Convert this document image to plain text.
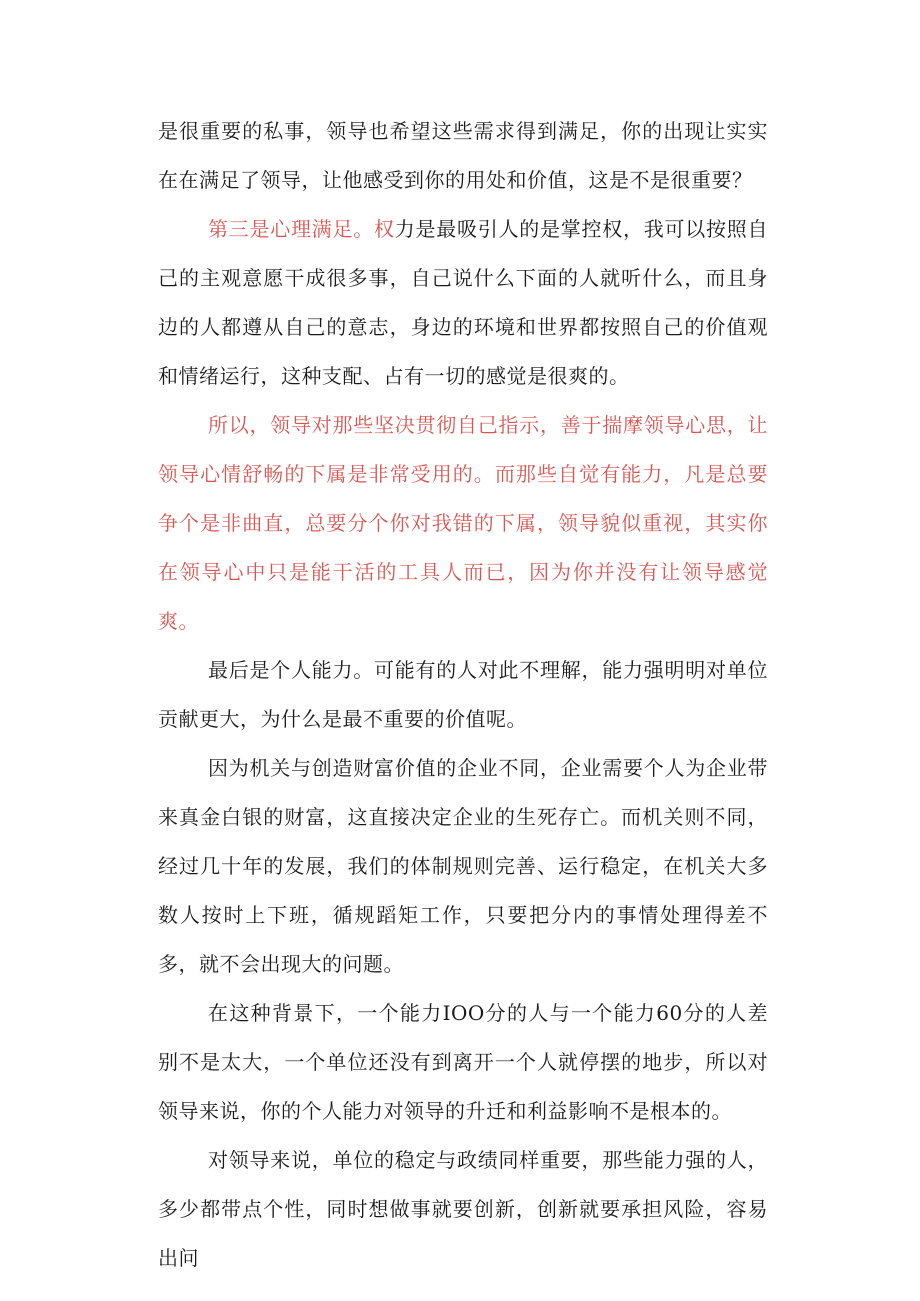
是很重要的私事，领导也希望这些需求得到满足，你的出现让实实在在满足了领导，让他感受到你的用处和价值，这是不是很重要？

第三是心理满足。权力是最吸引人的是掌控权，我可以按照自己的主观意愿干成很多事，自己说什么下面的人就听什么，而且身边的人都遵从自己的意志，身边的环境和世界都按照自己的价值观和情绪运行，这种支配、占有一切的感觉是很爽的。

所以，领导对那些坚决贯彻自己指示，善于揣摩领导心思，让领导心情舒畅的下属是非常受用的。而那些自觉有能力，凡是总要争个是非曲直，总要分个你对我错的下属，领导貌似重视，其实你在领导心中只是能干活的工具人而已，因为你并没有让领导感觉爽。

最后是个人能力。可能有的人对此不理解，能力强明明对单位贡献更大，为什么是最不重要的价值呢。

因为机关与创造财富价值的企业不同，企业需要个人为企业带来真金白银的财富，这直接决定企业的生死存亡。而机关则不同，经过几十年的发展，我们的体制规则完善、运行稳定，在机关大多数人按时上下班，循规蹈矩工作，只要把分内的事情处理得差不多，就不会出现大的问题。

在这种背景下，一个能力IOO分的人与一个能力60分的人差别不是太大，一个单位还没有到离开一个人就停摆的地步，所以对领导来说，你的个人能力对领导的升迁和利益影响不是根本的。

对领导来说，单位的稳定与政绩同样重要，那些能力强的人，多少都带点个性，同时想做事就要创新，创新就要承担风险，容易出问
